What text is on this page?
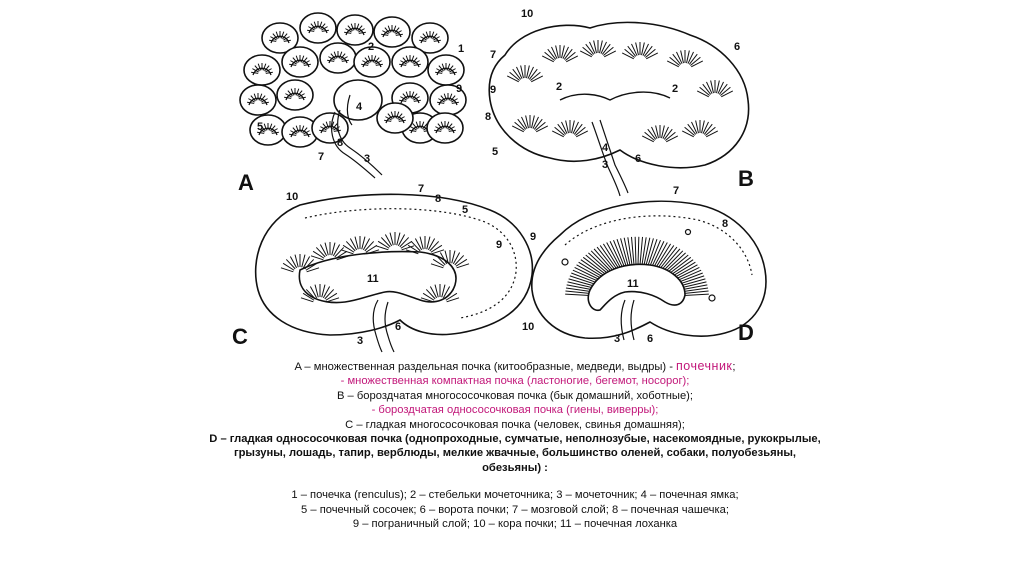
A
1
2
3
4
5
7
8
9
B
10
7
9
8
5
2
4
6
2
3 6
C
10
7
8
5
9
11
3
6	D
7
8
9
11
10
3 6
A – множественная раздельная почка (китообразные, медведи, выдры) - почечник;
- множественная компактная почка (ластоногие, бегемот, носорог);
B – бороздчатая многососочковая почка (бык домашний, хоботные);
- бороздчатая однососочковая почка (гиены, виверры);
C – гладкая многососочковая почка (человек, свинья домашняя);
D – гладкая однососочковая почка (однопроходные, сумчатые, неполнозубые, насекомоядные, рукокрылые,
грызуны, лошадь, тапир, верблюды, мелкие жвачные, большинство оленей, собаки, полуобезьяны,
обезьяны) :
1 – почечка (renculus); 2 – стебельки мочеточника; 3 – мочеточник; 4 – почечная ямка;
5 – почечный сосочек; 6 – ворота почки; 7 – мозговой слой; 8 – почечная чашечка;
9 – пограничный слой; 10 – кора почки; 11 – почечная лоханка
